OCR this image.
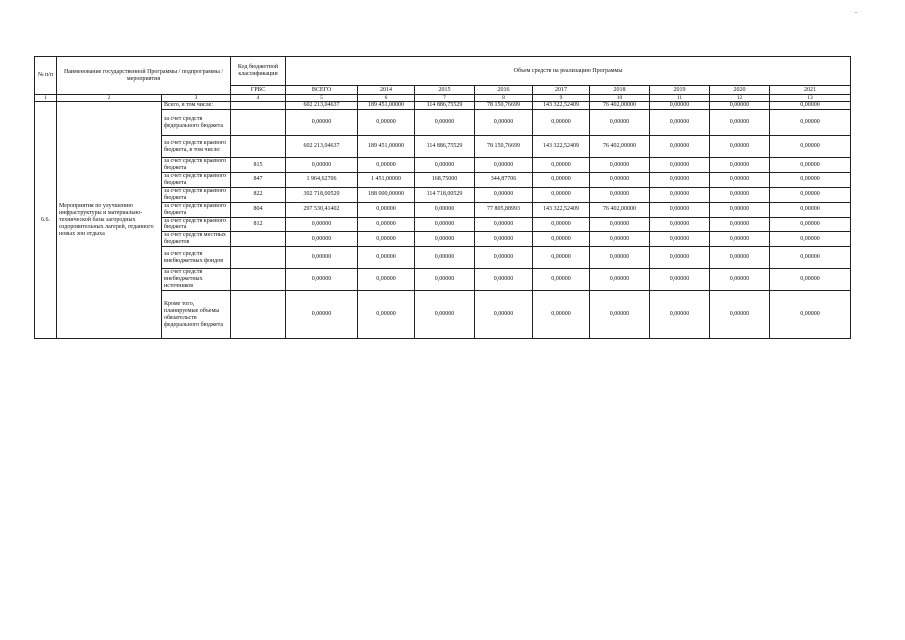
-
№ п/п	Наименование государственной Программы / подпрограммы / мероприятия		Код бюджетной классификации	Объем средств на реализацию Программы								
			ГРБС	ВСЕГО	2014	2015	2016	2017	2018	2019	2020	2021
1	2	3	4	5	6	7	8	9	10	11	12	13
6.6.	Мероприятия по улучшению инфраструктуры и материально-технической базы загородных оздоровительных лагерей, отданного новых зон отдыха	Всего, в том числе:		602 213,04637	189 451,00000	114 886,75529	78 150,76699	143 322,52409	76 402,00000	0,00000	0,00000	0,00000
		за счет средств федерального бюджета		0,00000	0,00000	0,00000	0,00000	0,00000	0,00000	0,00000	0,00000	0,00000
		за счет средств краевого бюджета, в том числе:		602 213,04637	189 451,00000	114 886,75529	78 150,76699	143 322,52409	76 402,00000	0,00000	0,00000	0,00000
		за счет средств краевого бюджета	815	0,00000	0,00000	0,00000	0,00000	0,00000	0,00000	0,00000	0,00000	0,00000
		за счет средств краевого бюджета	847	1 964,62706	1 451,00000	168,75000	344,87706	0,00000	0,00000	0,00000	0,00000	0,00000
		за счет средств краевого бюджета	822	302 718,00529	188 000,00000	114 718,00529	0,00000	0,00000	0,00000	0,00000	0,00000	0,00000
		за счет средств краевого бюджета	804	297 530,41402	0,00000	0,00000	77 805,88993	143 322,52409	76 402,00000	0,00000	0,00000	0,00000
		за счет средств краевого бюджета	812	0,00000	0,00000	0,00000	0,00000	0,00000	0,00000	0,00000	0,00000	0,00000
		за счет средств местных бюджетов		0,00000	0,00000	0,00000	0,00000	0,00000	0,00000	0,00000	0,00000	0,00000
		за счет средств внебюджетных фондов		0,00000	0,00000	0,00000	0,00000	0,00000	0,00000	0,00000	0,00000	0,00000
		за счет средств внебюджетных источников		0,00000	0,00000	0,00000	0,00000	0,00000	0,00000	0,00000	0,00000	0,00000
		Кроме того, планируемые объемы обязательств федерального бюджета		0,00000	0,00000	0,00000	0,00000	0,00000	0,00000	0,00000	0,00000	0,00000
